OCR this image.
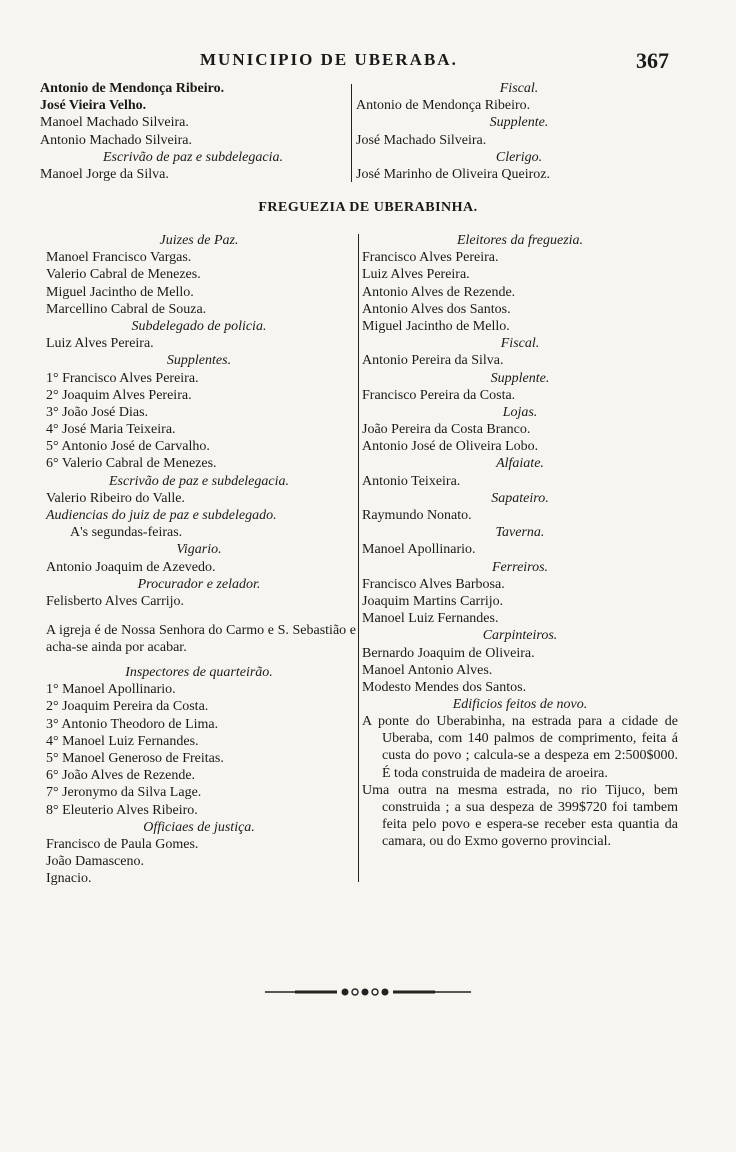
MUNICIPIO DE UBERABA.	367
Antonio de Mendonça Ribeiro.
José Vieira Velho.
Manoel Machado Silveira.
Antonio Machado Silveira.
Escrivão de paz e subdelegacia.
Manoel Jorge da Silva.
Fiscal.
Antonio de Mendonça Ribeiro.
Supplente.
José Machado Silveira.
Clerigo.
José Marinho de Oliveira Queiroz.
FREGUEZIA DE UBERABINHA.
Juizes de Paz.
Manoel Francisco Vargas.
Valerio Cabral de Menezes.
Miguel Jacintho de Mello.
Marcellino Cabral de Souza.
Subdelegado de policia.
Luiz Alves Pereira.
Supplentes.
1° Francisco Alves Pereira.
2° Joaquim Alves Pereira.
3° João José Dias.
4° José Maria Teixeira.
5° Antonio José de Carvalho.
6° Valerio Cabral de Menezes.
Escrivão de paz e subdelegacia.
Valerio Ribeiro do Valle.
Audiencias do juiz de paz e subdelegado.
A's segundas-feiras.
Vigario.
Antonio Joaquim de Azevedo.
Procurador e zelador.
Felisberto Alves Carrijo.
A igreja é de Nossa Senhora do Carmo e S. Sebastião e acha-se ainda por acabar.
Inspectores de quarteirão.
1° Manoel Apollinario.
2° Joaquim Pereira da Costa.
3° Antonio Theodoro de Lima.
4° Manoel Luiz Fernandes.
5° Manoel Generoso de Freitas.
6° João Alves de Rezende.
7° Jeronymo da Silva Lage.
8° Eleuterio Alves Ribeiro.
Officiaes de justiça.
Francisco de Paula Gomes.
João Damasceno.
Ignacio.
Eleitores da freguezia.
Francisco Alves Pereira.
Luiz Alves Pereira.
Antonio Alves de Rezende.
Antonio Alves dos Santos.
Miguel Jacintho de Mello.
Fiscal.
Antonio Pereira da Silva.
Supplente.
Francisco Pereira da Costa.
Lojas.
João Pereira da Costa Branco.
Antonio José de Oliveira Lobo.
Alfaiate.
Antonio Teixeira.
Sapateiro.
Raymundo Nonato.
Taverna.
Manoel Apollinario.
Ferreiros.
Francisco Alves Barbosa.
Joaquim Martins Carrijo.
Manoel Luiz Fernandes.
Carpinteiros.
Bernardo Joaquim de Oliveira.
Manoel Antonio Alves.
Modesto Mendes dos Santos.
Edificios feitos de novo.
A ponte do Uberabinha, na estrada para a cidade de Uberaba, com 140 palmos de comprimento, feita á custa do povo ; calcula-se a despeza em 2:500$000. É toda construida de madeira de aroeira.
Uma outra na mesma estrada, no rio Tijuco, bem construida ; a sua despeza de 399$720 foi tambem feita pelo povo e espera-se receber esta quantia da camara, ou do Exmo governo provincial.
